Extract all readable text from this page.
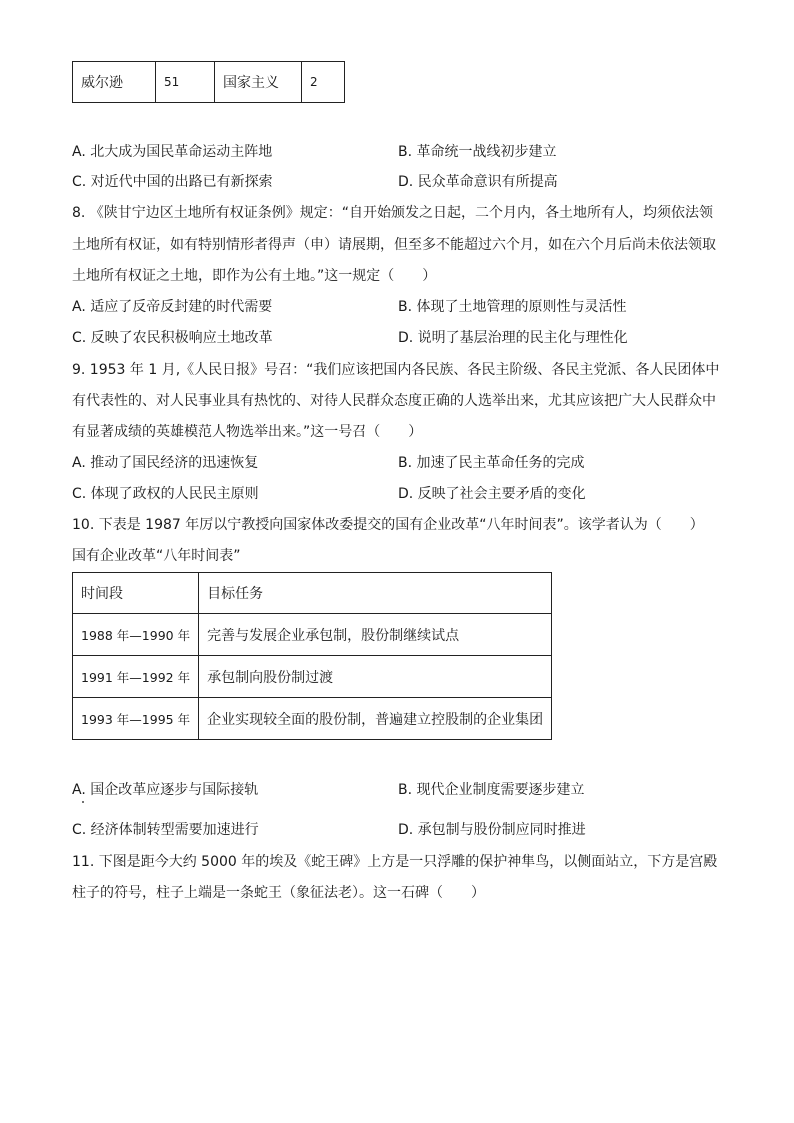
威尔逊	51	国家主义	2
A. 北大成为国民革命运动主阵地	B. 革命统一战线初步建立
C. 对近代中国的出路已有新探索	D. 民众革命意识有所提高
8. 《陕甘宁边区土地所有权证条例》规定：“自开始颁发之日起，二个月内，各土地所有人，均须依法领
土地所有权证，如有特别情形者得声（申）请展期，但至多不能超过六个月，如在六个月后尚未依法领取
土地所有权证之土地，即作为公有土地。”这一规定（　　）
A. 适应了反帝反封建的时代需要	B. 体现了土地管理的原则性与灵活性
C. 反映了农民积极响应土地改革	D. 说明了基层治理的民主化与理性化
9. 1953 年 1 月,《人民日报》号召：“我们应该把国内各民族、各民主阶级、各民主党派、各人民团体中
有代表性的、对人民事业具有热忱的、对待人民群众态度正确的人选举出来，尤其应该把广大人民群众中
有显著成绩的英雄模范人物选举出来。”这一号召（　　）
A. 推动了国民经济的迅速恢复	B. 加速了民主革命任务的完成
C. 体现了政权的人民民主原则	D. 反映了社会主要矛盾的变化
10. 下表是 1987 年厉以宁教授向国家体改委提交的国有企业改革“八年时间表”。该学者认为（　　）
国有企业改革“八年时间表”
时间段	目标任务
1988 年—1990 年	完善与发展企业承包制，股份制继续试点
1991 年—1992 年	承包制向股份制过渡
1993 年—1995 年	企业实现较全面的股份制，普遍建立控股制的企业集团
A. 国企改革应逐步与国际接轨	B. 现代企业制度需要逐步建立
C. 经济体制转型需要加速进行	D. 承包制与股份制应同时推进
11. 下图是距今大约 5000 年的埃及《蛇王碑》上方是一只浮雕的保护神隼鸟，以侧面站立，下方是宫殿
柱子的符号，柱子上端是一条蛇王（象征法老）。这一石碑（　　）
